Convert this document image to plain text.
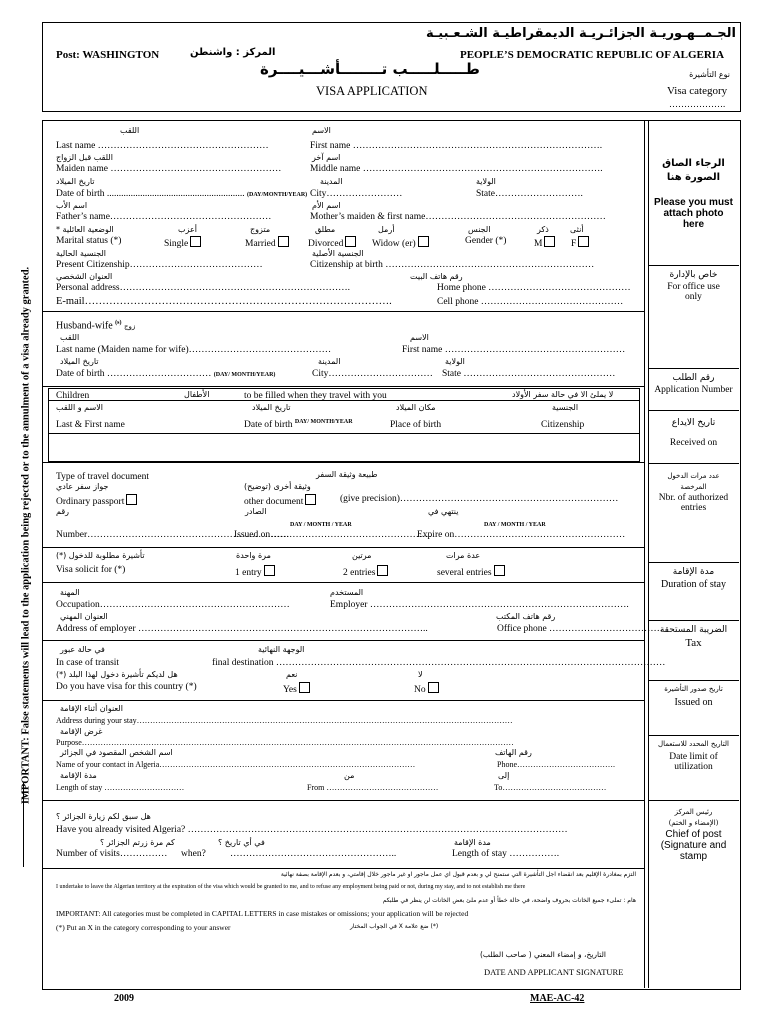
IMPORTANT: False statements will lead to the application being rejected or to the annulment of a visa already granted.
الجـمــهـوريـة الجزائـريـة الديمقراطيـة الشـعـبيـة
Post: WASHINGTON	المركز : واشنطن	PEOPLE’S DEMOCRATIC REPUBLIC OF ALGERIA
طـــــلـــــب تــــــــأشـــيــــرة	نوع التأشيرة
VISA APPLICATION	Visa category
……………….
الرجاء الصاق
الصورة هنا
Please you must
attach photo
here
خاص بالإدارة
For office use
only
رقم الطلب
Application Number
تاريخ الايداع
Received on
عدد مرات الدخول
المرخصة
Nbr. of authorized
entries
مدة الإقامة
Duration of stay
الضريبة المستحقة
Tax
تاريخ صدور التأشيرة
Issued on
التاريخ المحدد للاستعمال
Date limit of
utilization
رئيس المركز
(الإمضاء و الختم)
Chief of post
(Signature and
stamp
اللقب	الاسم
Last name ………………………………………………	First name …………………………………………………………………….
اللقب قبل الزواج	اسم آخر
Maiden name ………………………………………………	Middle name ………………………………………………………………….
تاريخ الميلاد	المدينة	الولاية
Date of birth .......................................................... (DAY/MONTH/YEAR) City……………………	State……………………….
اسم الأب	اسم الأم
Father’s name……………………………………………	Mother’s maiden & first name…………………………………………………
الوضعية العائلية *	أعزب	متزوج	مطلق	أرمل	الجنس	ذكر	أنثى
Marital status (*)	Single	Married	Divorced	Widow (er)	Gender (*)	M	F
الجنسية الحالية	الجنسية الأصلية
Present Citizenship……………………………………	Citizenship at birth …………………………………………………………
العنوان الشخصي	رقم هاتف البيت
Personal address……………………………………………………………….	Home phone ………………………………………
E-mail…………………………………………………………………………….	Cell phone ………………………………………
Husband-wife $^{(s)}$ زوج
اللقب	الاسم
Last name (Maiden name for wife)………………………………………	First name …………………………………………………
تاريخ الميلاد	المدينة	الولاية
Date of birth …………………………… (DAY/ MONTH/YEAR)	City…………………………… State …………………………………………
Children	الأطفال	to be filled when they travel with you	لا يملئ الا في حالة سفر الأولاد
الاسم و اللقب	تاريخ الميلاد	مكان الميلاد	الجنسية
Last & First name	Date of birth $^{DAY/ MONTH/YEAR}$	Place of birth	Citizenship
طبيعة وثيقة السفر
Type of travel document
جواز سفر عادي	وثيقة أخرى (توضيح)
Ordinary passport	other document	(give precision)……………………………………………………………
رقم	الصادر	ينتهي في
DAY / MONTH / YEAR	DAY / MONTH / YEAR
Number……………………………………………………….
Issued on……………………………………………
Expire on………………………………………………
تأشيرة مطلوبة للدخول (*)	مرة واحدة	مرتين	عدة مرات
Visa solicit for (*)	1 entry	2 entries	several entries
المهنة	المستخدم
Occupation……………………………………………………	Employer ……………………………………………………………………….
العنوان المهني	رقم هاتف المكتب
Address of employer ………………………………………………………………………………..	Office phone ………………………………
في حالة عبور	الوجهة النهائية
In case of transit	final destination ……………………………………………………………………………………………………………
هل لديكم تأشيرة دخول لهذا البلد (*)	نعم	لا
Do you have visa for this country (*)	Yes	No
العنوان أثناء الإقامة
Address during your stay……………………………………………………………………………………………………………………………
غرض الإقامة
Purpose………………………………………………………………………………………………………………………………………………
اسم الشخص المقصود في الجزائر	رقم الهاتف
Name of your contact in Algeria……………………………………………………………………………………	Phone……………………………….
مدة الإقامة	من	إلى
Length of stay …………………………	From ……………………………………	To…………………………………
هل سبق لكم زيارة الجزائر ؟
Have you already visited Algeria? …………………………………………………………………………………………………………
كم مرة زرتم الجزائر ؟	في أي تاريخ ؟	مدة الإقامة
Number of visits…………… when?	……………………………………………..	Length of stay …………….
التزم بمغادرة الإقليم بعد انقضاء اجل التأشيرة التي ستمنح لي و بعدم قبول اي عمل ماجور او غير ماجور خلال إقامتي، و بعدم الإقامة بصفة نهائية
I undertake to leave the Algerian territory at the expiration of the visa which would be granted to me, and to refuse any employment being paid or not, during my stay, and to not establish me there
هام : تملىء جميع الخانات بحروف واضحة، في حالة خطأ أو عدم ملئ بعض الخانات لن ينظر في طلبكم
IMPORTANT: All categories must be completed in CAPITAL LETTERS in case mistakes or omissions; your application will be rejected
(*) Put an X in the category corresponding to your answer	(*) ضع علامة X في الجواب المختار
التاريخ، و إمضاء المعني ( صاحب الطلب)
DATE AND APPLICANT SIGNATURE
2009	MAE-AC-42
